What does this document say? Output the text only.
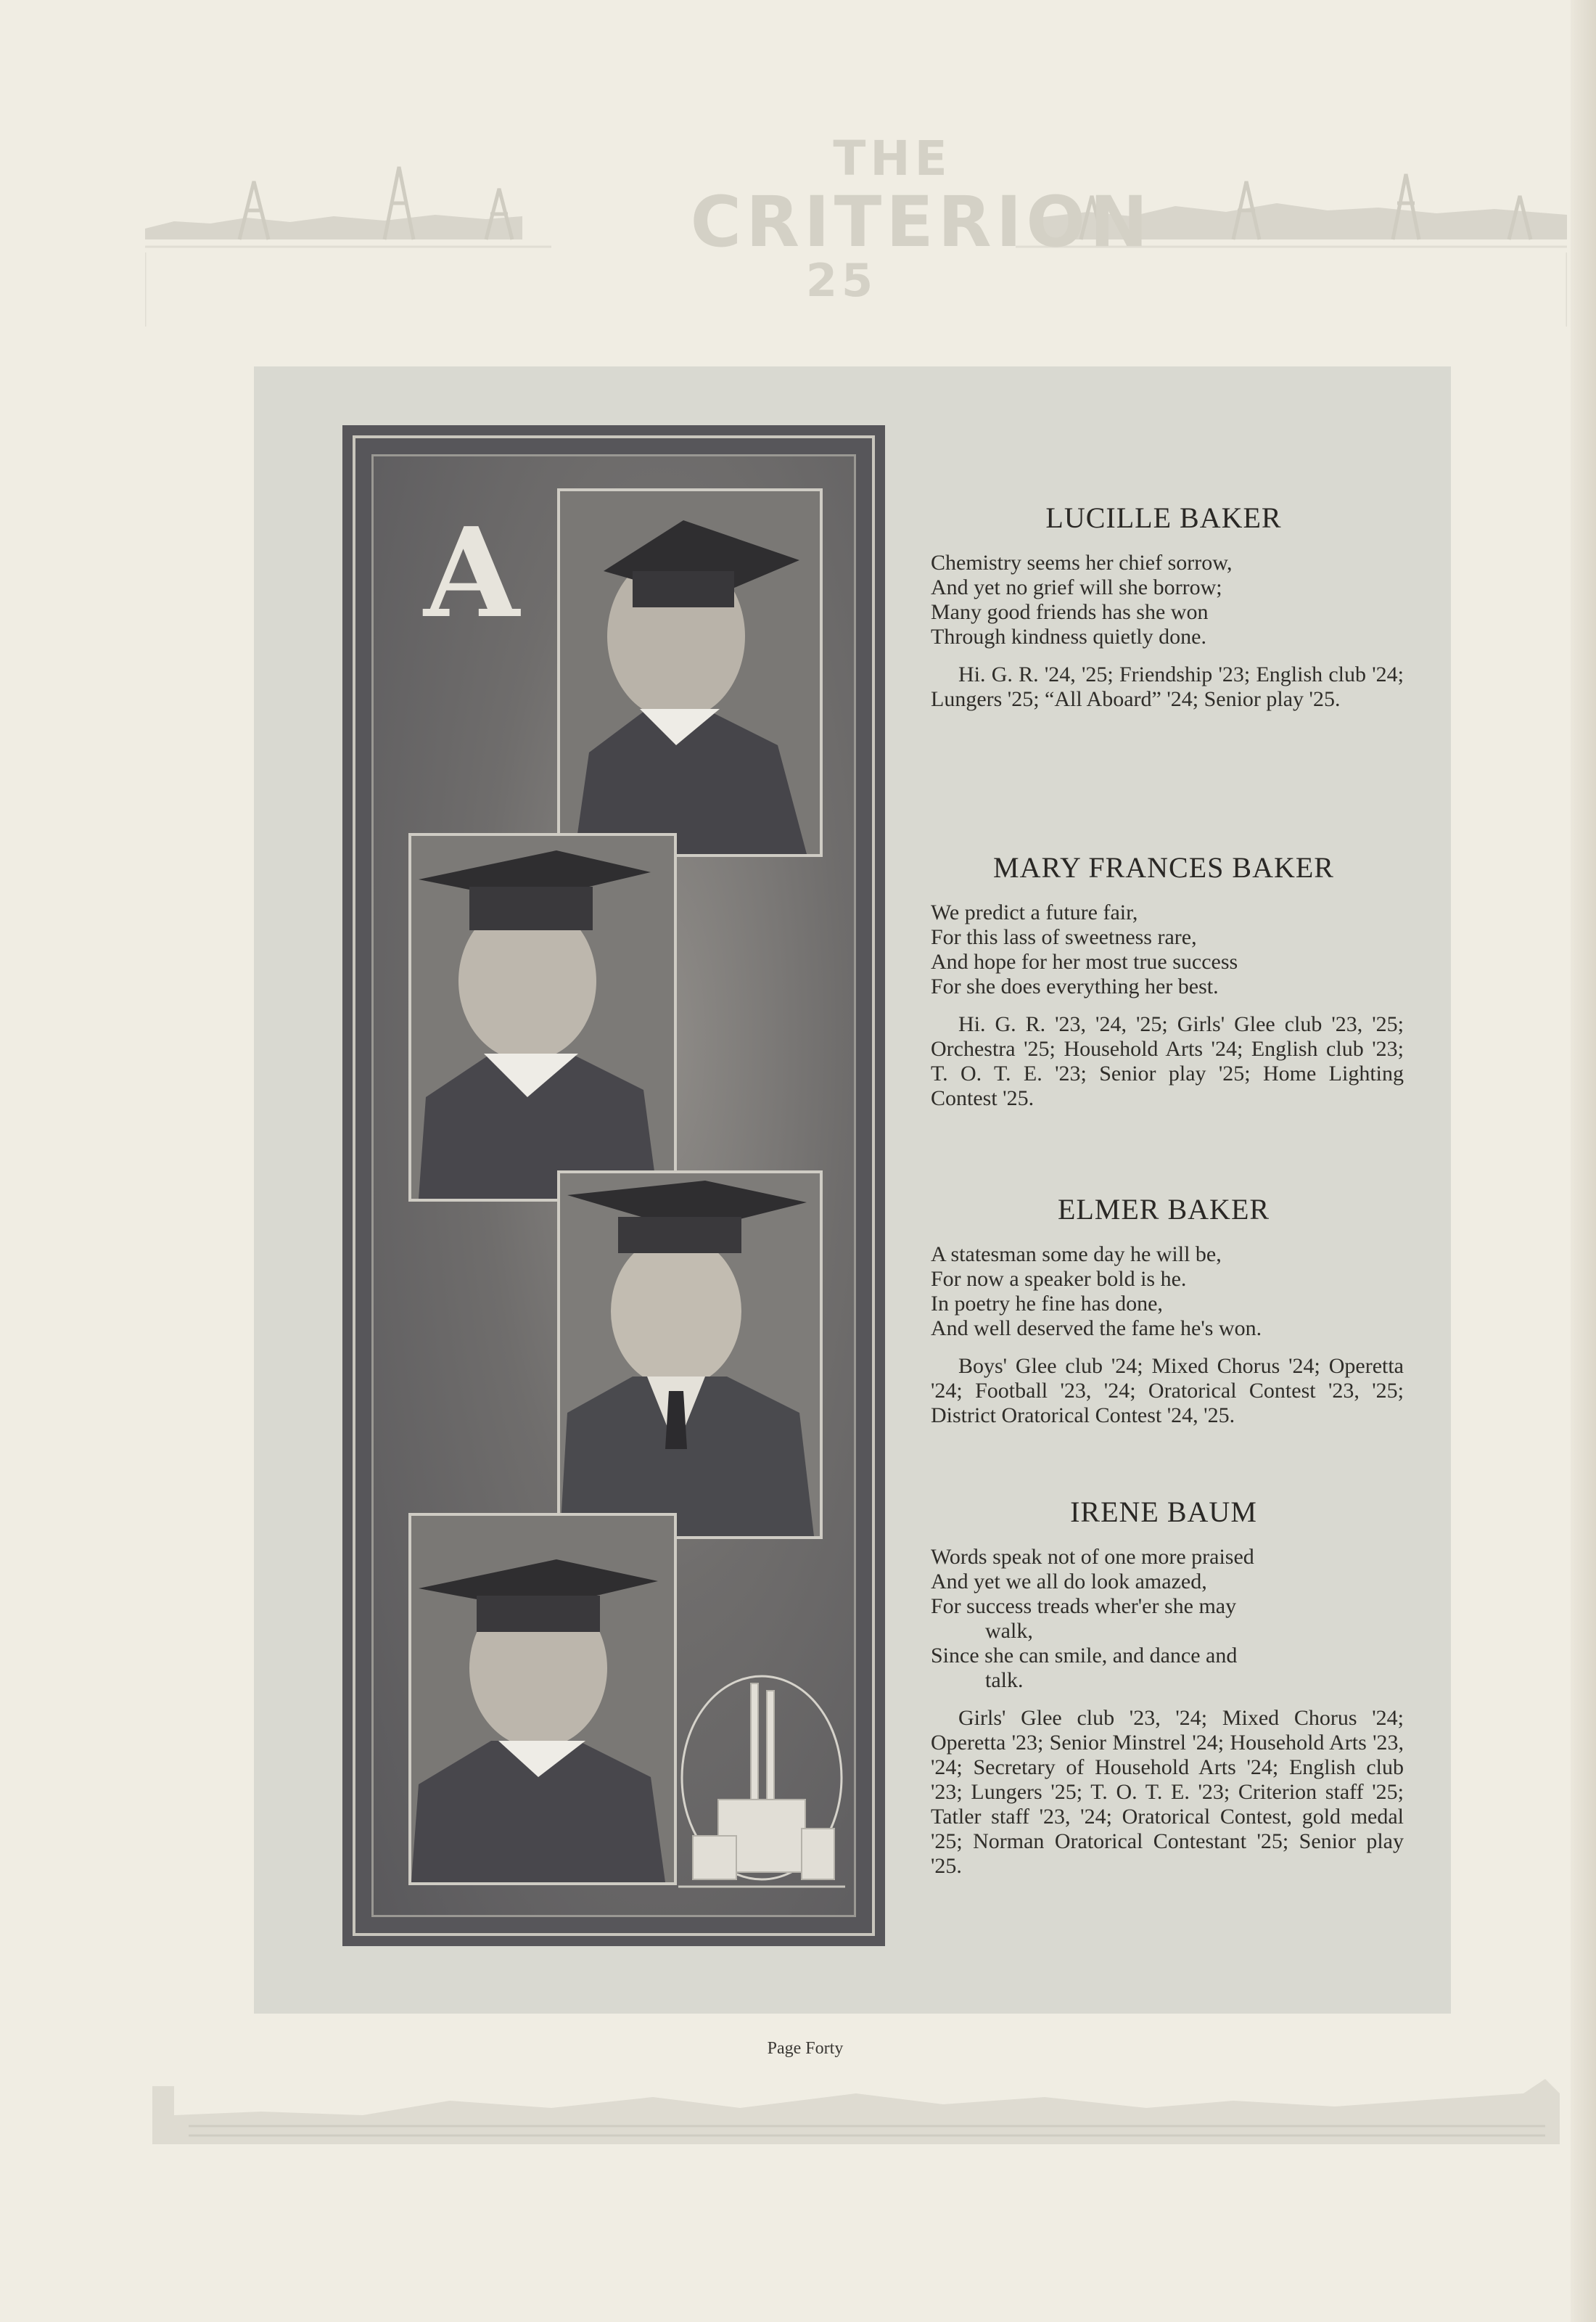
THE
CRITERION
25
A	LUCILLE BAKER
Chemistry seems her chief sorrow,
And yet no grief will she borrow;
Many good friends has she won
Through kindness quietly done.
Hi. G. R. '24, '25; Friendship '23; English club '24; Lungers '25; “All Aboard” '24; Senior play '25.
MARY FRANCES BAKER
We predict a future fair,
For this lass of sweetness rare,
And hope for her most true success
For she does everything her best.
Hi. G. R. '23, '24, '25; Girls' Glee club '23, '25; Orchestra '25; Household Arts '24; English club '23; T. O. T. E. '23; Senior play '25; Home Lighting Contest '25.
ELMER BAKER
A statesman some day he will be,
For now a speaker bold is he.
In poetry he fine has done,
And well deserved the fame he's won.
Boys' Glee club '24; Mixed Chorus '24; Operetta '24; Football '23, '24; Oratorical Contest '23, '25; District Oratorical Contest '24, '25.
IRENE BAUM
Words speak not of one more praised
And yet we all do look amazed,
For success treads wher'er she may
walk,
Since she can smile, and dance and
talk.
Girls' Glee club '23, '24; Mixed Chorus '24; Operetta '23; Senior Minstrel '24; Household Arts '23, '24; Secretary of Household Arts '24; English club '23; Lungers '25; T. O. T. E. '23; Criterion staff '25; Tatler staff '23, '24; Oratorical Contest, gold medal '25; Norman Oratorical Contestant '25; Senior play '25.
Page Forty
